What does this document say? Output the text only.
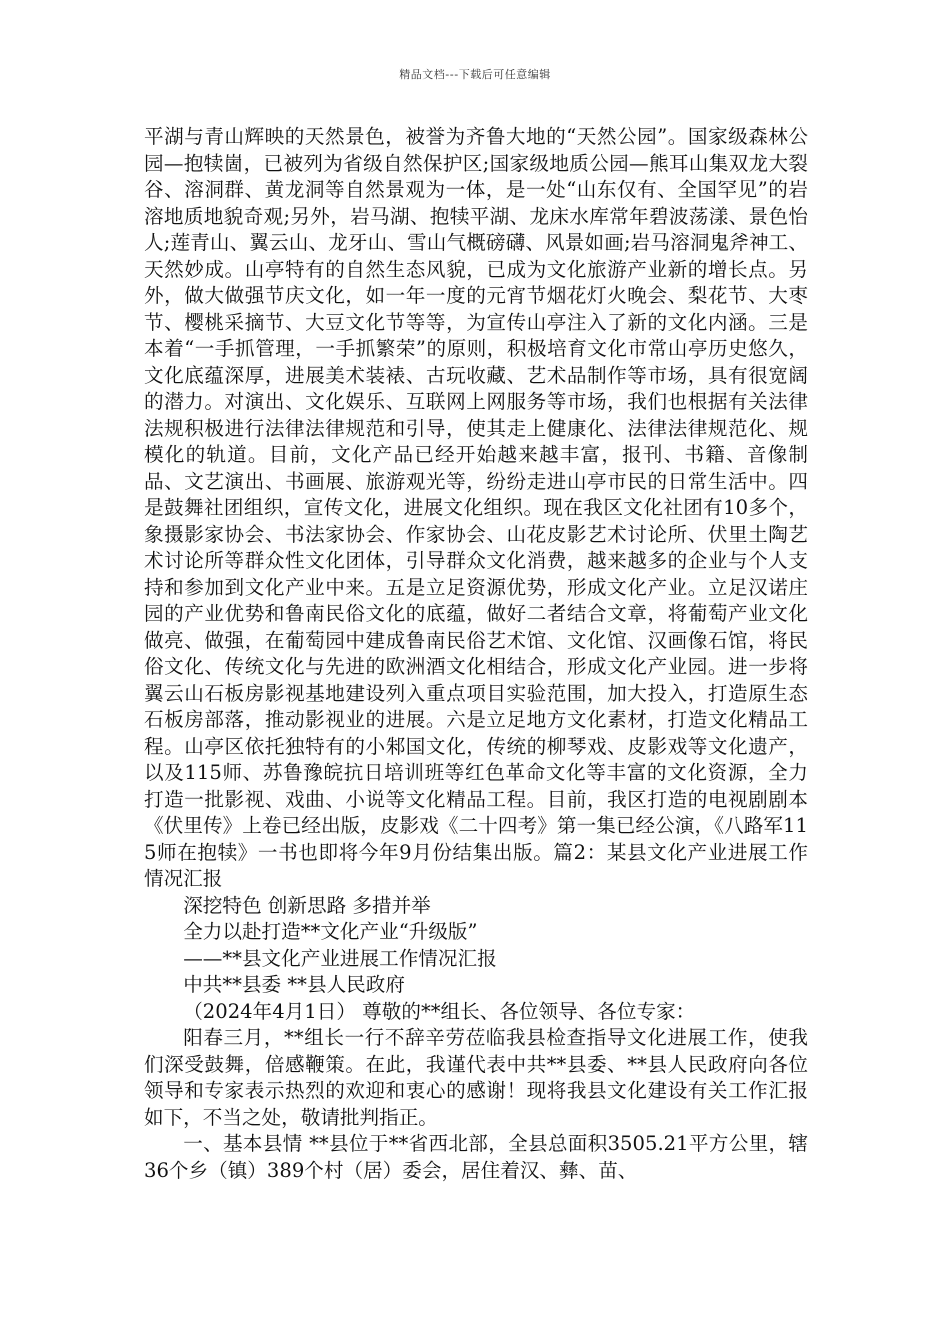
精品文档---下载后可任意编辑

平湖与青山辉映的天然景色，被誉为齐鲁大地的“天然公园”。国家级森林公园—抱犊崮，已被列为省级自然保护区;国家级地质公园—熊耳山集双龙大裂谷、溶洞群、黄龙洞等自然景观为一体，是一处“山东仅有、全国罕见”的岩溶地质地貌奇观;另外，岩马湖、抱犊平湖、龙床水库常年碧波荡漾、景色怡人;莲青山、翼云山、龙牙山、雪山气概磅礴、风景如画;岩马溶洞鬼斧神工、天然妙成。山亭特有的自然生态风貌，已成为文化旅游产业新的增长点。另外，做大做强节庆文化，如一年一度的元宵节烟花灯火晚会、梨花节、大枣节、樱桃采摘节、大豆文化节等等，为宣传山亭注入了新的文化内涵。三是本着“一手抓管理，一手抓繁荣”的原则，积极培育文化市常山亭历史悠久，文化底蕴深厚，进展美术装裱、古玩收藏、艺术品制作等市场，具有很宽阔的潜力。对演出、文化娱乐、互联网上网服务等市场，我们也根据有关法律法规积极进行法律法律规范和引导，使其走上健康化、法律法律规范化、规模化的轨道。目前，文化产品已经开始越来越丰富，报刊、书籍、音像制品、文艺演出、书画展、旅游观光等，纷纷走进山亭市民的日常生活中。四是鼓舞社团组织，宣传文化，进展文化组织。现在我区文化社团有10多个，象摄影家协会、书法家协会、作家协会、山花皮影艺术讨论所、伏里土陶艺术讨论所等群众性文化团体，引导群众文化消费，越来越多的企业与个人支持和参加到文化产业中来。五是立足资源优势，形成文化产业。立足汉诺庄园的产业优势和鲁南民俗文化的底蕴，做好二者结合文章，将葡萄产业文化做亮、做强，在葡萄园中建成鲁南民俗艺术馆、文化馆、汉画像石馆，将民俗文化、传统文化与先进的欧洲酒文化相结合，形成文化产业园。进一步将翼云山石板房影视基地建设列入重点项目实验范围，加大投入，打造原生态石板房部落，推动影视业的进展。六是立足地方文化素材，打造文化精品工程。山亭区依托独特有的小邾国文化，传统的柳琴戏、皮影戏等文化遗产，以及115师、苏鲁豫皖抗日培训班等红色革命文化等丰富的文化资源，全力打造一批影视、戏曲、小说等文化精品工程。目前，我区打造的电视剧剧本《伏里传》上卷已经出版，皮影戏《二十四考》第一集已经公演，《八路军115师在抱犊》一书也即将今年9月份结集出版。篇2：某县文化产业进展工作情况汇报

深挖特色 创新思路 多措并举

全力以赴打造**文化产业“升级版”

——**县文化产业进展工作情况汇报

中共**县委 **县人民政府

（2024年4月1日） 尊敬的**组长、各位领导、各位专家：

阳春三月，**组长一行不辞辛劳莅临我县检查指导文化进展工作，使我们深受鼓舞，倍感鞭策。在此，我谨代表中共**县委、**县人民政府向各位领导和专家表示热烈的欢迎和衷心的感谢！现将我县文化建设有关工作汇报如下，不当之处，敬请批判指正。

一、基本县情 **县位于**省西北部，全县总面积3505.21平方公里，辖36个乡（镇）389个村（居）委会，居住着汉、彝、苗、
